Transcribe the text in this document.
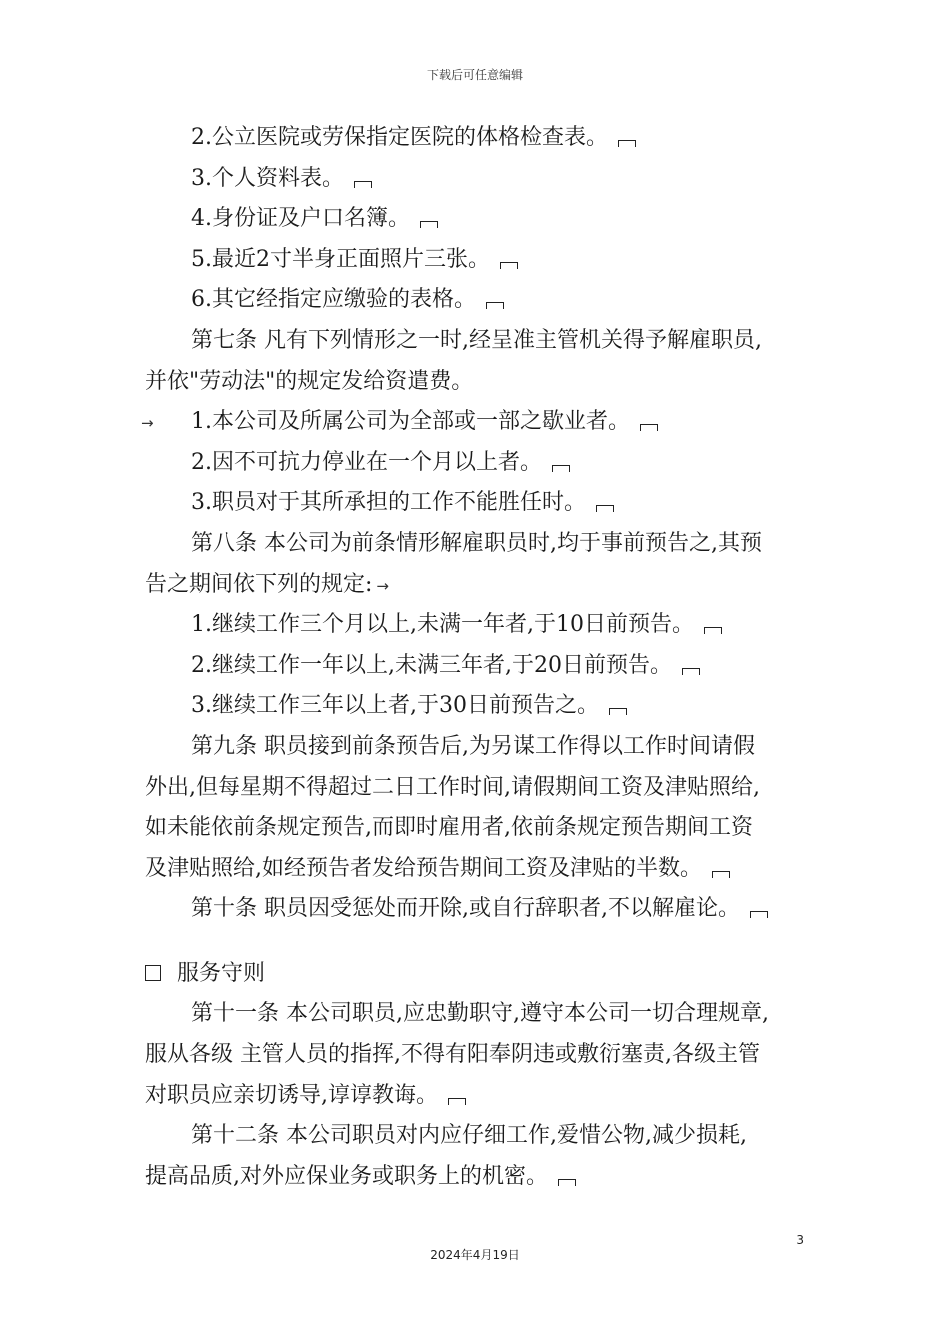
下载后可任意编辑
2.公立医院或劳保指定医院的体格检查表。
3.个人资料表。
4.身份证及户口名簿。
5.最近2寸半身正面照片三张。
6.其它经指定应缴验的表格。
第七条 凡有下列情形之一时,经呈准主管机关得予解雇职员,
并依"劳动法"的规定发给资遣费。
→ 1.本公司及所属公司为全部或一部之歇业者。
2.因不可抗力停业在一个月以上者。
3.职员对于其所承担的工作不能胜任时。
第八条 本公司为前条情形解雇职员时,均于事前预告之,其预
告之期间依下列的规定: →
1.继续工作三个月以上,未满一年者,于10日前预告。
2.继续工作一年以上,未满三年者,于20日前预告。
3.继续工作三年以上者,于30日前预告之。
第九条 职员接到前条预告后,为另谋工作得以工作时间请假
外出,但每星期不得超过二日工作时间,请假期间工资及津贴照给,
如未能依前条规定预告,而即时雇用者,依前条规定预告期间工资
及津贴照给,如经预告者发给预告期间工资及津贴的半数。
第十条 职员因受惩处而开除,或自行辞职者,不以解雇论。
服务守则
第十一条 本公司职员,应忠勤职守,遵守本公司一切合理规章,
服从各级 主管人员的指挥,不得有阳奉阴违或敷衍塞责,各级主管
对职员应亲切诱导,谆谆教诲。
第十二条 本公司职员对内应仔细工作,爱惜公物,减少损耗,
提高品质,对外应保业务或职务上的机密。
3
2024年4月19日
